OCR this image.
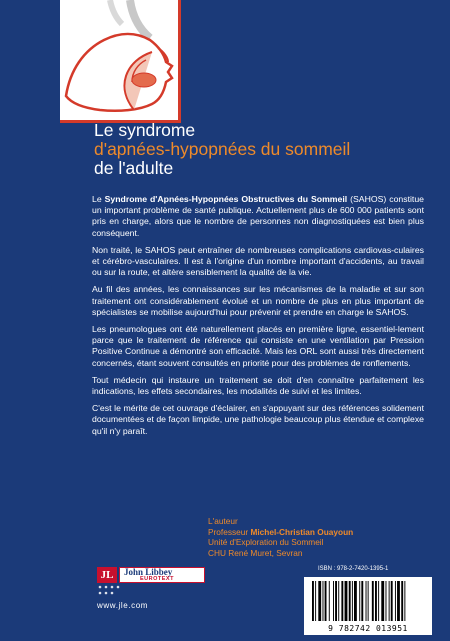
Le syndrome
d'apnées-hypopnées du sommeil
de l'adulte

Le Syndrome d'Apnées-Hypopnées Obstructives du Sommeil (SAHOS) constitue un important problème de santé publique. Actuellement plus de 600 000 patients sont pris en charge, alors que le nombre de personnes non diagnostiquées est bien plus conséquent.

Non traité, le SAHOS peut entraîner de nombreuses complications cardiovas-culaires et cérébro-vasculaires. Il est à l'origine d'un nombre important d'accidents, au travail ou sur la route, et altère sensiblement la qualité de la vie.

Au fil des années, les connaissances sur les mécanismes de la maladie et sur son traitement ont considérablement évolué et un nombre de plus en plus important de spécialistes se mobilise aujourd'hui pour prévenir et prendre en charge le SAHOS.

Les pneumologues ont été naturellement placés en première ligne, essentiel-lement parce que le traitement de référence qui consiste en une ventilation par Pression Positive Continue a démontré son efficacité. Mais les ORL sont aussi très directement concernés, étant souvent consultés en priorité pour des problèmes de ronflements.

Tout médecin qui instaure un traitement se doit d'en connaître parfaitement les indications, les effets secondaires, les modalités de suivi et les limites.

C'est le mérite de cet ouvrage d'éclairer, en s'appuyant sur des références solidement documentées et de façon limpide, une pathologie beaucoup plus étendue et complexe qu'il n'y paraît.

L'auteur
Professeur Michel-Christian Ouayoun
Unité d'Exploration du Sommeil
CHU René Muret, Sevran
JL	John Libbey
EUROTEXT
www.jle.com
ISBN : 978-2-7420-1395-1
9 782742 013951
